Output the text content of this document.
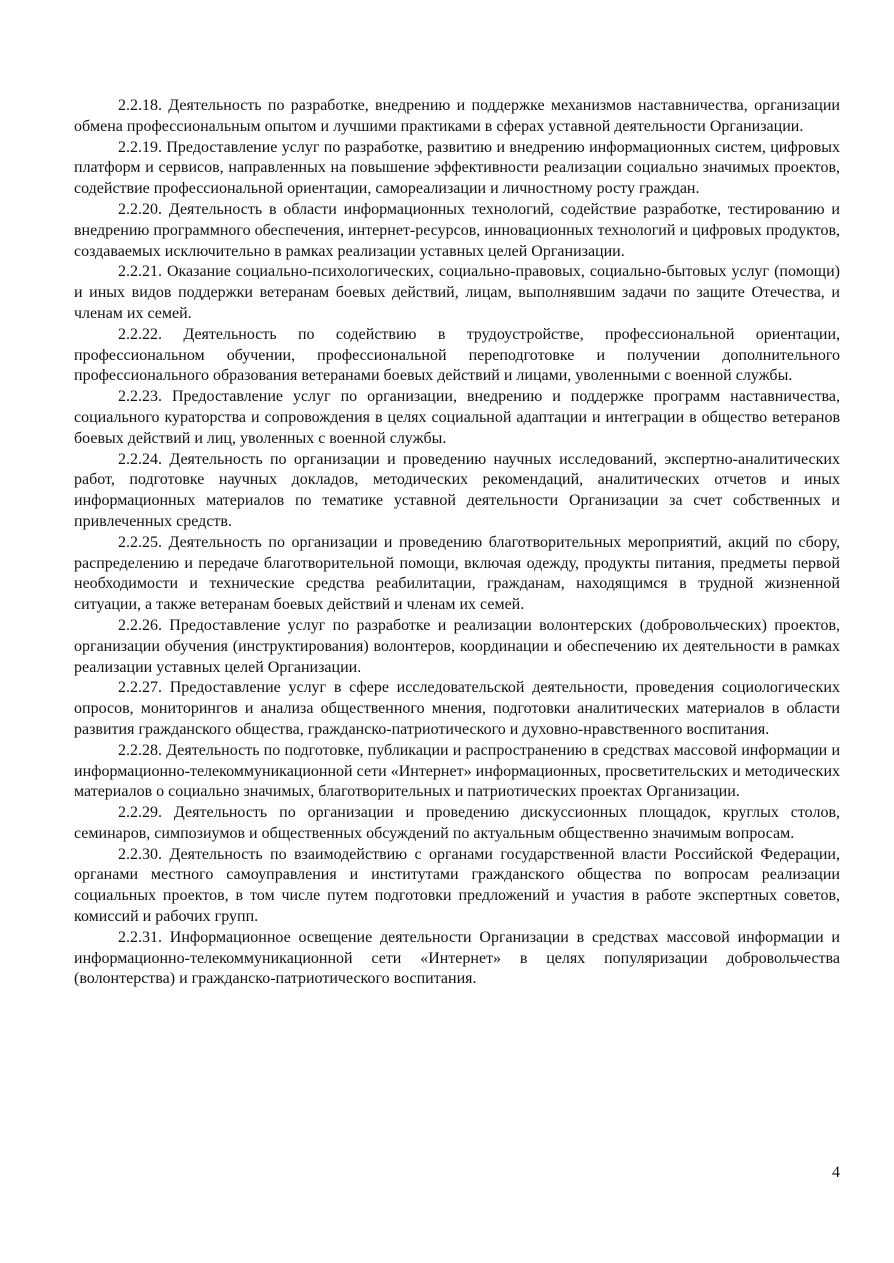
2.2.18. Деятельность по разработке, внедрению и поддержке механизмов наставничества, организации обмена профессиональным опытом и лучшими практиками в сферах уставной деятельности Организации.

2.2.19. Предоставление услуг по разработке, развитию и внедрению информационных систем, цифровых платформ и сервисов, направленных на повышение эффективности реализации социально значимых проектов, содействие профессиональной ориентации, самореализации и личностному росту граждан.

2.2.20. Деятельность в области информационных технологий, содействие разработке, тестированию и внедрению программного обеспечения, интернет-ресурсов, инновационных технологий и цифровых продуктов, создаваемых исключительно в рамках реализации уставных целей Организации.

2.2.21. Оказание социально-психологических, социально-правовых, социально-бытовых услуг (помощи) и иных видов поддержки ветеранам боевых действий, лицам, выполнявшим задачи по защите Отечества, и членам их семей.

2.2.22. Деятельность по содействию в трудоустройстве, профессиональной ориентации, профессиональном обучении, профессиональной переподготовке и получении дополнительного профессионального образования ветеранами боевых действий и лицами, уволенными с военной службы.

2.2.23. Предоставление услуг по организации, внедрению и поддержке программ наставничества, социального кураторства и сопровождения в целях социальной адаптации и интеграции в общество ветеранов боевых действий и лиц, уволенных с военной службы.

2.2.24. Деятельность по организации и проведению научных исследований, экспертно-аналитических работ, подготовке научных докладов, методических рекомендаций, аналитических отчетов и иных информационных материалов по тематике уставной деятельности Организации за счет собственных и привлеченных средств.

2.2.25. Деятельность по организации и проведению благотворительных мероприятий, акций по сбору, распределению и передаче благотворительной помощи, включая одежду, продукты питания, предметы первой необходимости и технические средства реабилитации, гражданам, находящимся в трудной жизненной ситуации, а также ветеранам боевых действий и членам их семей.

2.2.26. Предоставление услуг по разработке и реализации волонтерских (добровольческих) проектов, организации обучения (инструктирования) волонтеров, координации и обеспечению их деятельности в рамках реализации уставных целей Организации.

2.2.27. Предоставление услуг в сфере исследовательской деятельности, проведения социологических опросов, мониторингов и анализа общественного мнения, подготовки аналитических материалов в области развития гражданского общества, гражданско-патриотического и духовно-нравственного воспитания.

2.2.28. Деятельность по подготовке, публикации и распространению в средствах массовой информации и информационно-телекоммуникационной сети «Интернет» информационных, просветительских и методических материалов о социально значимых, благотворительных и патриотических проектах Организации.

2.2.29. Деятельность по организации и проведению дискуссионных площадок, круглых столов, семинаров, симпозиумов и общественных обсуждений по актуальным общественно значимым вопросам.

2.2.30. Деятельность по взаимодействию с органами государственной власти Российской Федерации, органами местного самоуправления и институтами гражданского общества по вопросам реализации социальных проектов, в том числе путем подготовки предложений и участия в работе экспертных советов, комиссий и рабочих групп.

2.2.31. Информационное освещение деятельности Организации в средствах массовой информации и информационно-телекоммуникационной сети «Интернет» в целях популяризации добровольчества (волонтерства) и гражданско-патриотического воспитания.

4
